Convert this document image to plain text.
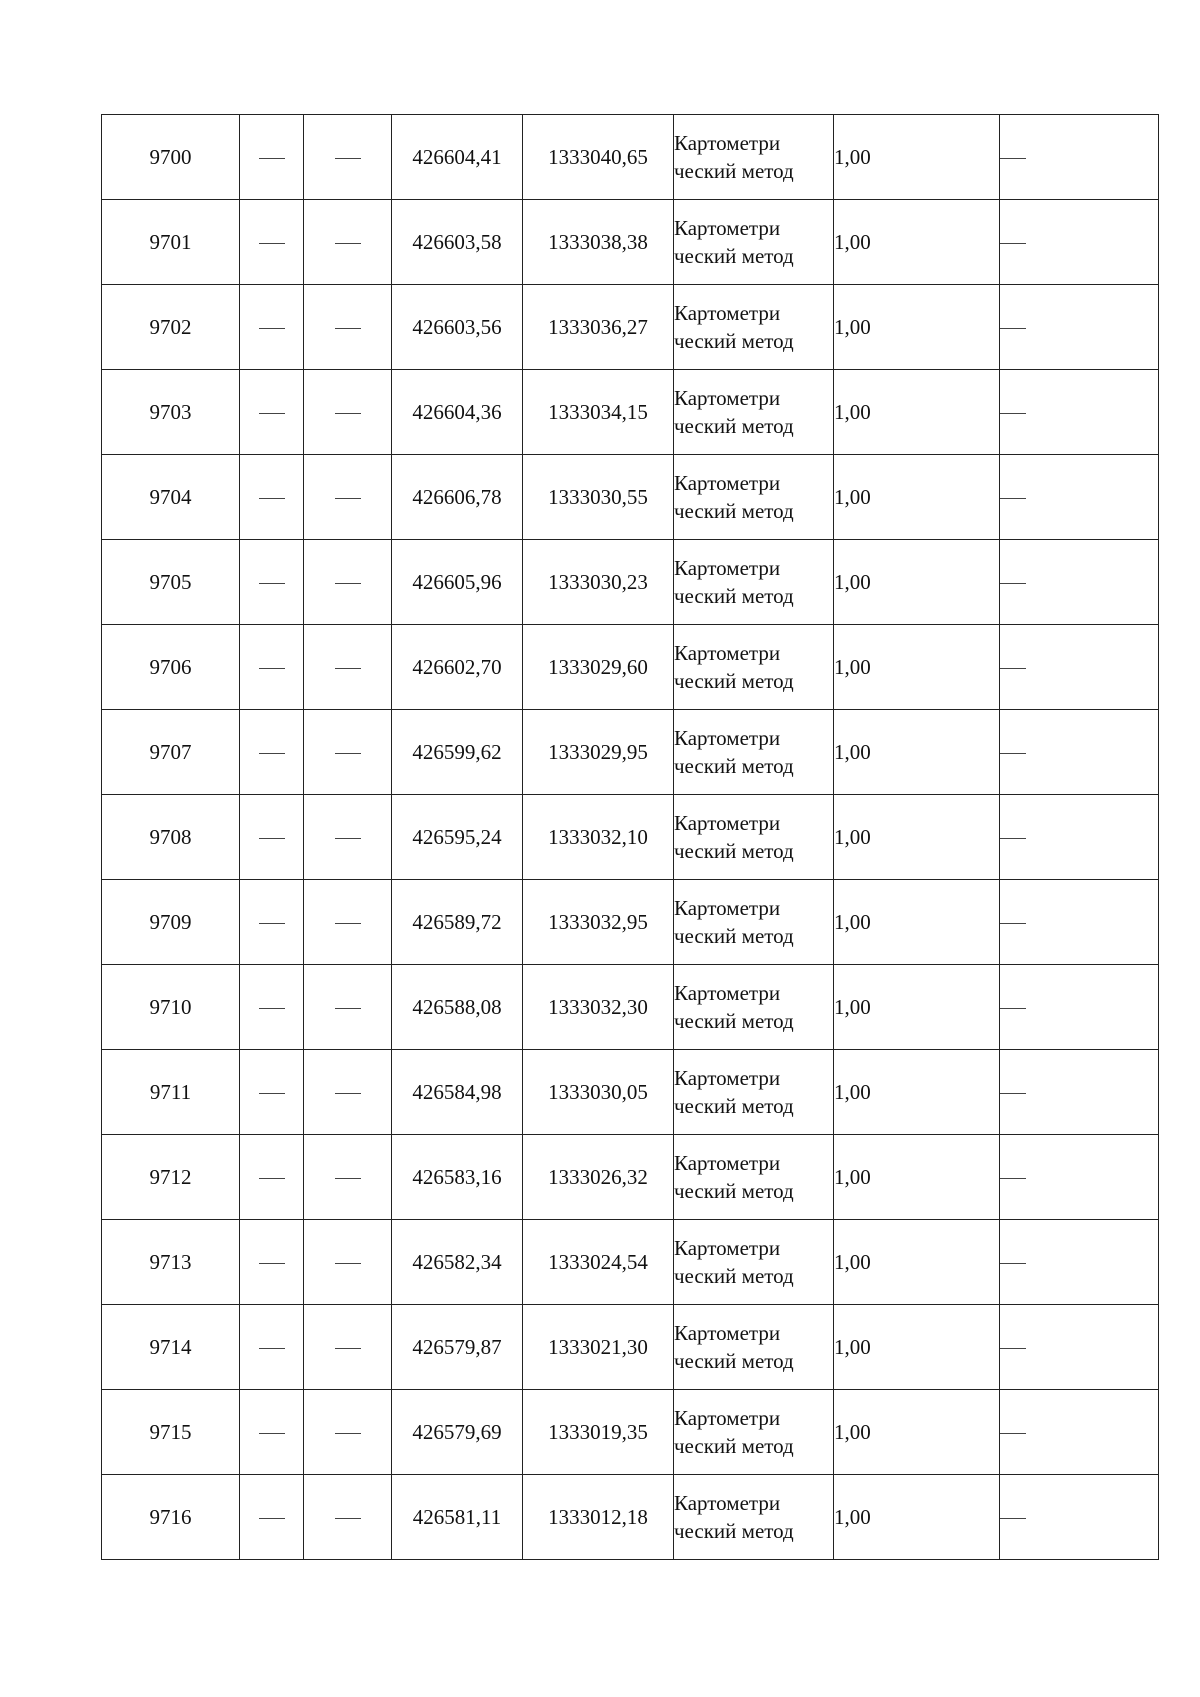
9700			426604,41	1333040,65	Картометри ческий метод	1,00	

9701			426603,58	1333038,38	Картометри ческий метод	1,00	

9702			426603,56	1333036,27	Картометри ческий метод	1,00	

9703			426604,36	1333034,15	Картометри ческий метод	1,00	

9704			426606,78	1333030,55	Картометри ческий метод	1,00	

9705			426605,96	1333030,23	Картометри ческий метод	1,00	

9706			426602,70	1333029,60	Картометри ческий метод	1,00	

9707			426599,62	1333029,95	Картометри ческий метод	1,00	

9708			426595,24	1333032,10	Картометри ческий метод	1,00	

9709			426589,72	1333032,95	Картометри ческий метод	1,00	

9710			426588,08	1333032,30	Картометри ческий метод	1,00	

9711			426584,98	1333030,05	Картометри ческий метод	1,00	

9712			426583,16	1333026,32	Картометри ческий метод	1,00	

9713			426582,34	1333024,54	Картометри ческий метод	1,00	

9714			426579,87	1333021,30	Картометри ческий метод	1,00	

9715			426579,69	1333019,35	Картометри ческий метод	1,00	

9716			426581,11	1333012,18	Картометри ческий метод	1,00	
